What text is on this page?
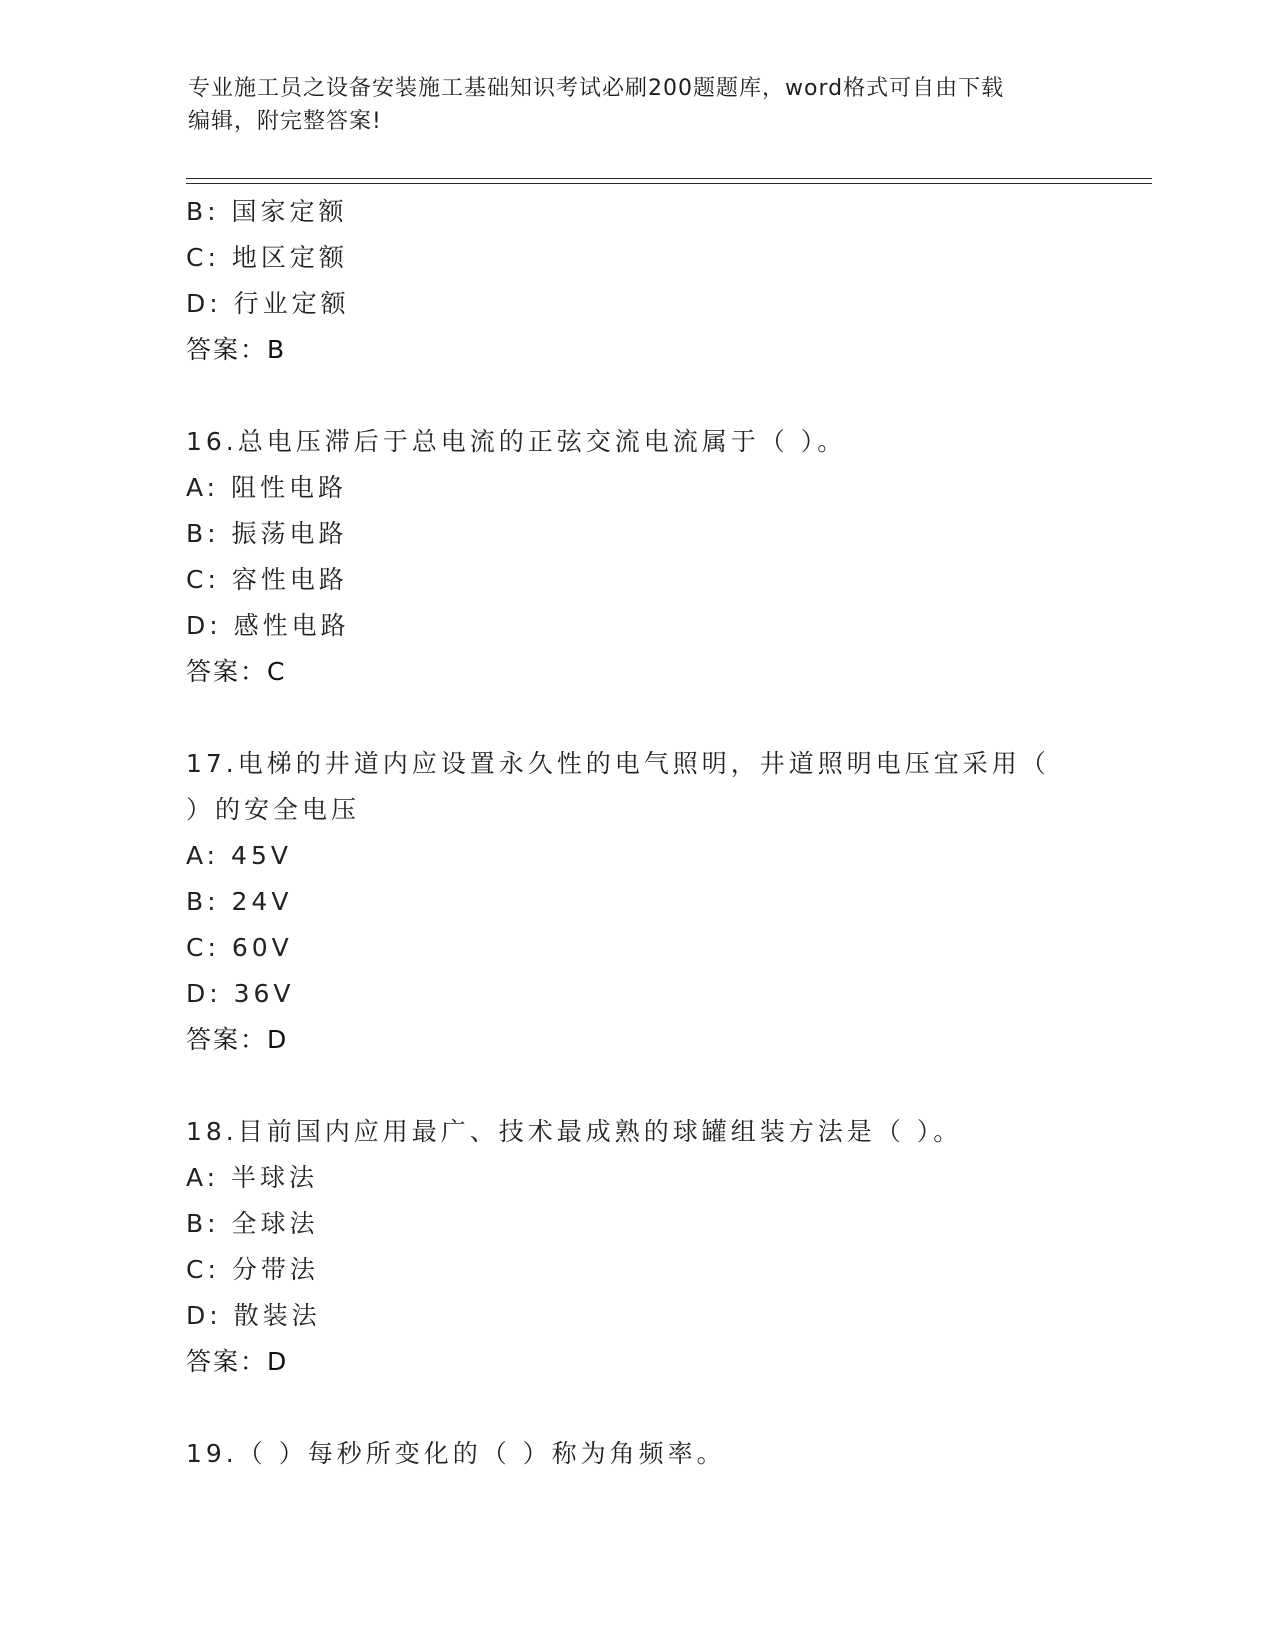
专业施工员之设备安装施工基础知识考试必刷200题题库，word格式可自由下载
编辑，附完整答案!
B: 国家定额
C: 地区定额
D: 行业定额
答案：B
16.总电压滞后于总电流的正弦交流电流属于（ ）。
A: 阻性电路
B: 振荡电路
C: 容性电路
D: 感性电路
答案：C
17.电梯的井道内应设置永久性的电气照明，井道照明电压宜采用（
）的安全电压
A: 45V
B: 24V
C: 60V
D: 36V
答案：D
18.目前国内应用最广、技术最成熟的球罐组装方法是（ ）。
A: 半球法
B: 全球法
C: 分带法
D: 散装法
答案：D
19.（ ）每秒所变化的（ ）称为角频率。
